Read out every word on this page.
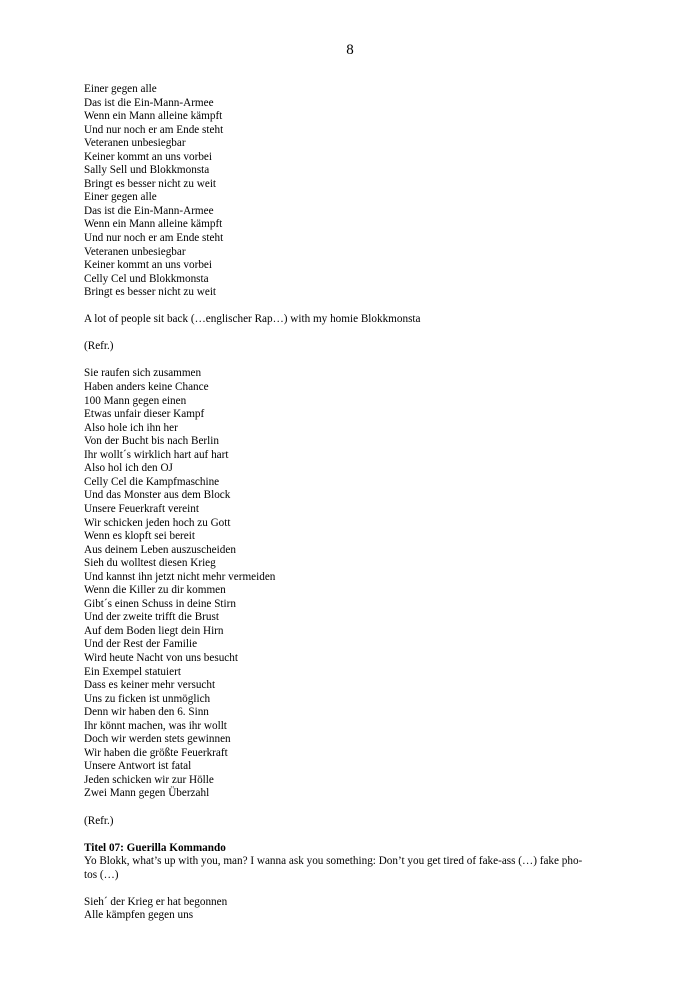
8
Einer gegen alle
Das ist die Ein-Mann-Armee
Wenn ein Mann alleine kämpft
Und nur noch er am Ende steht
Veteranen unbesiegbar
Keiner kommt an uns vorbei
Sally Sell und Blokkmonsta
Bringt es besser nicht zu weit
Einer gegen alle
Das ist die Ein-Mann-Armee
Wenn ein Mann alleine kämpft
Und nur noch er am Ende steht
Veteranen unbesiegbar
Keiner kommt an uns vorbei
Celly Cel und Blokkmonsta
Bringt es besser nicht zu weit
A lot of people sit back (…englischer Rap…) with my homie Blokkmonsta
(Refr.)
Sie raufen sich zusammen
Haben anders keine Chance
100 Mann gegen einen
Etwas unfair dieser Kampf
Also hole ich ihn her
Von der Bucht bis nach Berlin
Ihr wollt´s wirklich hart auf hart
Also hol ich den OJ
Celly Cel die Kampfmaschine
Und das Monster aus dem Block
Unsere Feuerkraft vereint
Wir schicken jeden hoch zu Gott
Wenn es klopft sei bereit
Aus deinem Leben auszuscheiden
Sieh du wolltest diesen Krieg
Und kannst ihn jetzt nicht mehr vermeiden
Wenn die Killer zu dir kommen
Gibt´s einen Schuss in deine Stirn
Und der zweite trifft die Brust
Auf dem Boden liegt dein Hirn
Und der Rest der Familie
Wird heute Nacht von uns besucht
Ein Exempel statuiert
Dass es keiner mehr versucht
Uns zu ficken ist unmöglich
Denn wir haben den 6. Sinn
Ihr könnt machen, was ihr wollt
Doch wir werden stets gewinnen
Wir haben die größte Feuerkraft
Unsere Antwort ist fatal
Jeden schicken wir zur Hölle
Zwei Mann gegen Überzahl
(Refr.)
Titel 07: Guerilla Kommando
Yo Blokk, what’s up with you, man? I wanna ask you something: Don’t you get tired of fake-ass (…) fake pho-
tos (…)
Sieh´ der Krieg er hat begonnen
Alle kämpfen gegen uns
